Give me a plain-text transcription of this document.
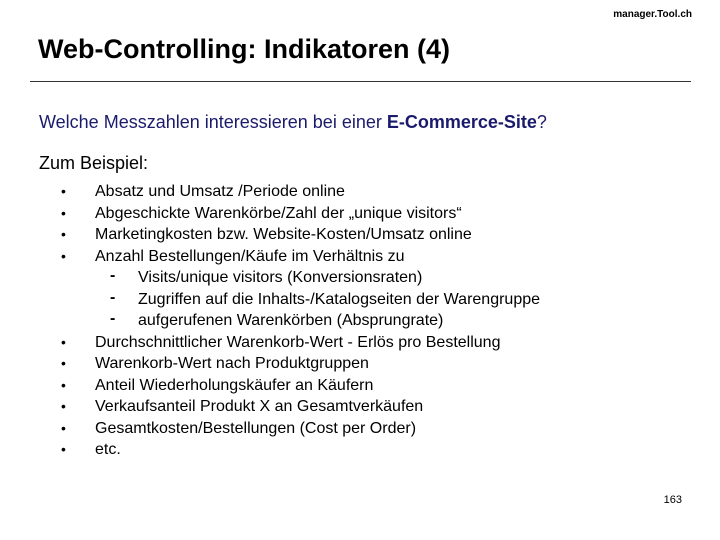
manager.Tool.ch
Web-Controlling: Indikatoren (4)
Welche Messzahlen interessieren bei einer E-Commerce-Site?
Zum Beispiel:
• Absatz und Umsatz /Periode online
• Abgeschickte Warenkörbe/Zahl der „unique visitors“
• Marketingkosten bzw. Website-Kosten/Umsatz online
• Anzahl Bestellungen/Käufe im Verhältnis zu
- Visits/unique visitors (Konversionsraten)
- Zugriffen auf die Inhalts-/Katalogseiten der Warengruppe
- aufgerufenen Warenkörben (Absprungrate)
• Durchschnittlicher Warenkorb-Wert - Erlös pro Bestellung
• Warenkorb-Wert nach Produktgruppen
• Anteil Wiederholungskäufer an Käufern
• Verkaufsanteil Produkt X an Gesamtverkäufen
• Gesamtkosten/Bestellungen (Cost per Order)
• etc.
163
